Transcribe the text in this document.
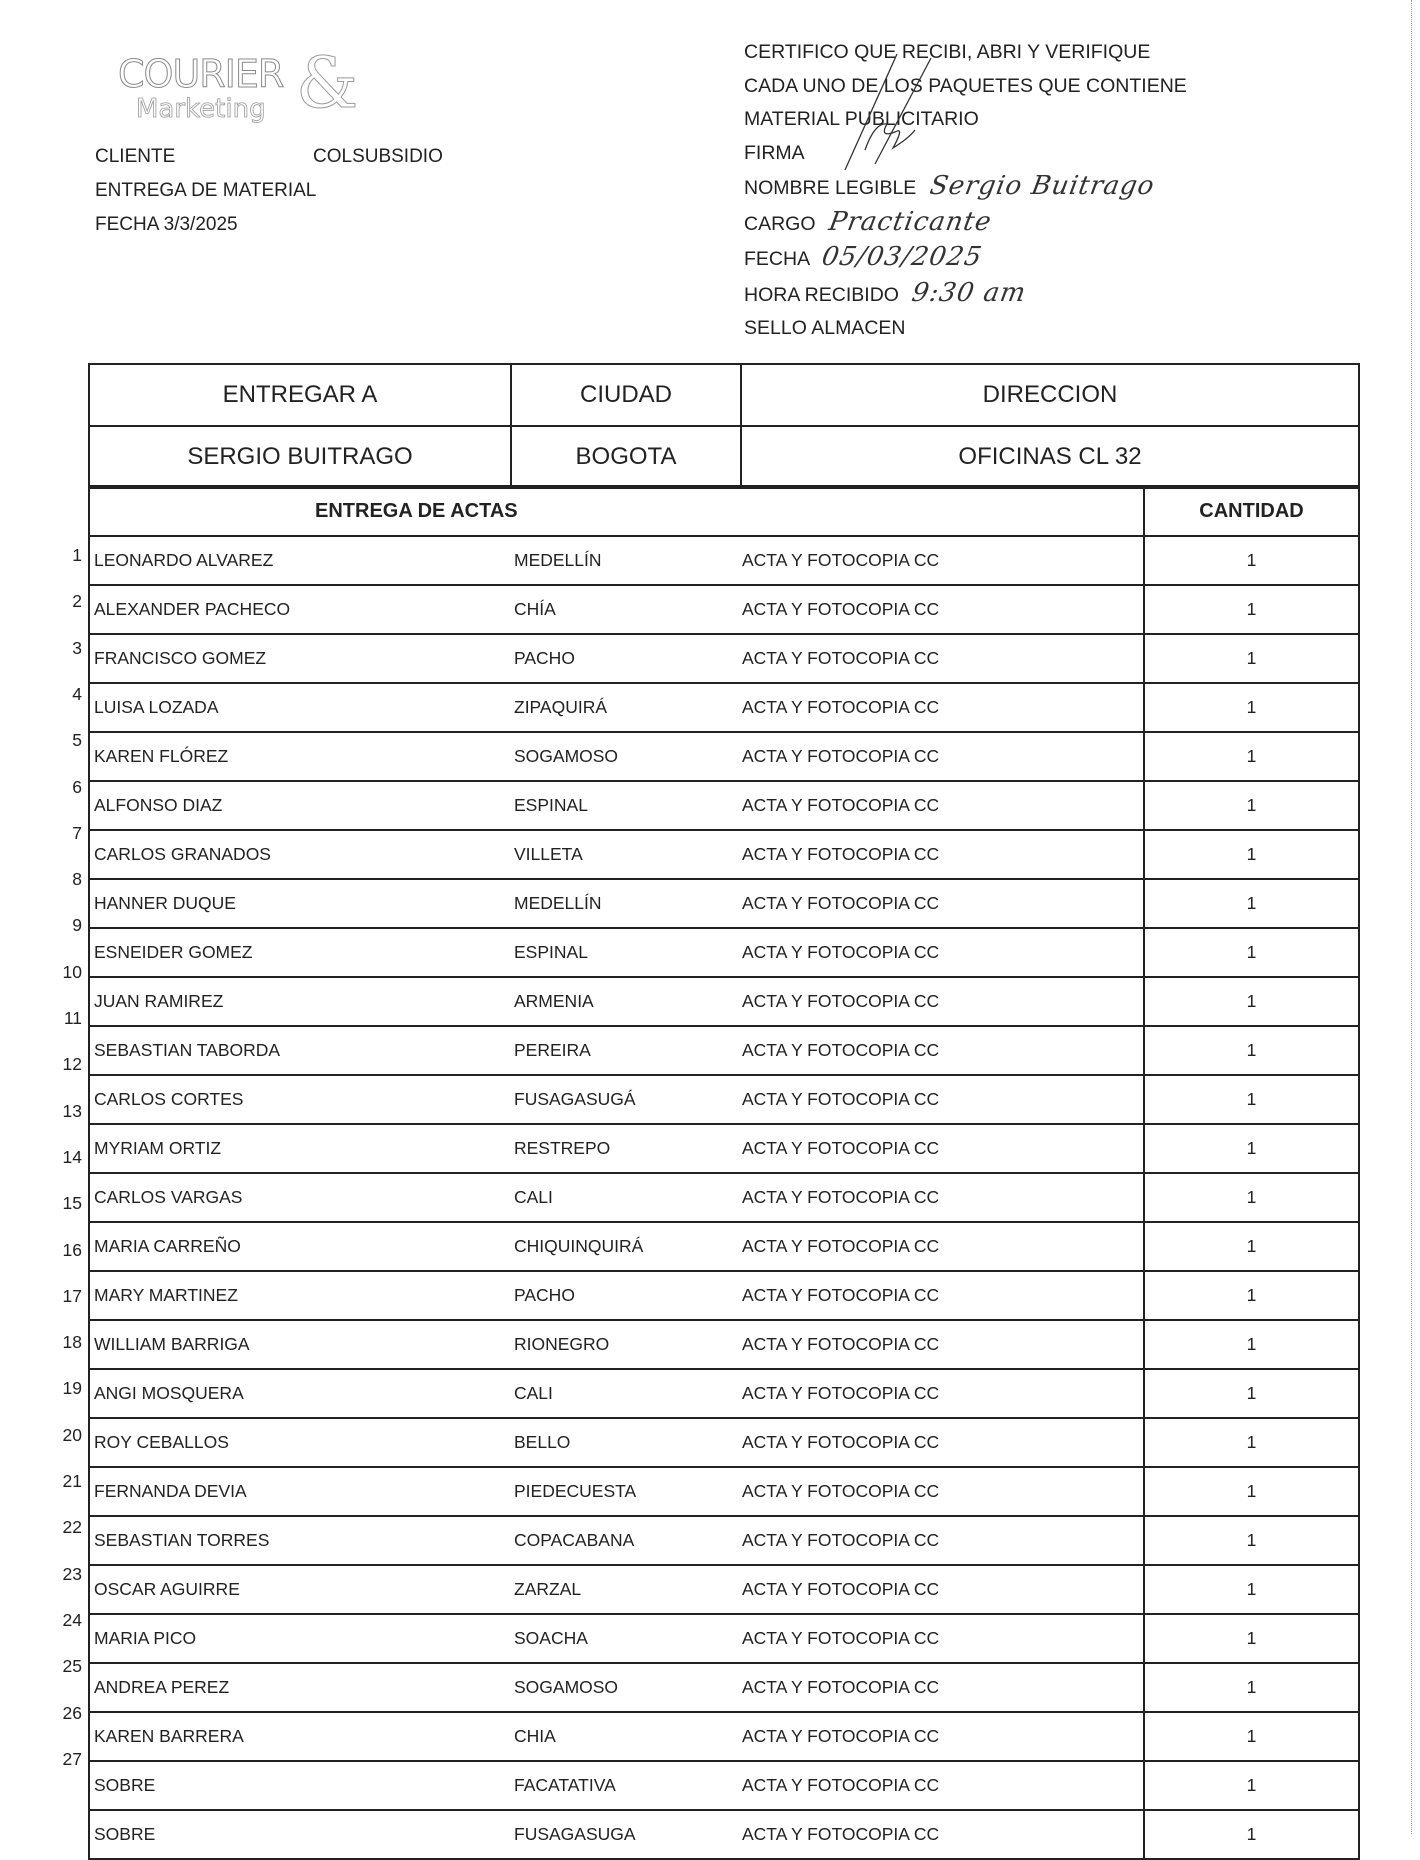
COURIER
Marketing &
CLIENTE	COLSUBSIDIO
ENTREGA DE MATERIAL
FECHA 3/3/2025
CERTIFICO QUE RECIBI, ABRI Y VERIFIQUE
CADA UNO DE LOS PAQUETES QUE CONTIENE
MATERIAL PUBLICITARIO
FIRMA
NOMBRE LEGIBLE Sergio Buitrago
CARGO Practicante
FECHA 05/03/2025
HORA RECIBIDO 9:30 am
SELLO ALMACEN
ENTREGAR A	CIUDAD	DIRECCION
SERGIO BUITRAGO	BOGOTA	OFICINAS CL 32
ENTREGA DE ACTAS			CANTIDAD
LEONARDO ALVAREZ	MEDELLÍN	ACTA Y FOTOCOPIA CC	1
ALEXANDER PACHECO	CHÍA	ACTA Y FOTOCOPIA CC	1
FRANCISCO GOMEZ	PACHO	ACTA Y FOTOCOPIA CC	1
LUISA LOZADA	ZIPAQUIRÁ	ACTA Y FOTOCOPIA CC	1
KAREN FLÓREZ	SOGAMOSO	ACTA Y FOTOCOPIA CC	1
ALFONSO DIAZ	ESPINAL	ACTA Y FOTOCOPIA CC	1
CARLOS GRANADOS	VILLETA	ACTA Y FOTOCOPIA CC	1
HANNER DUQUE	MEDELLÍN	ACTA Y FOTOCOPIA CC	1
ESNEIDER GOMEZ	ESPINAL	ACTA Y FOTOCOPIA CC	1
JUAN RAMIREZ	ARMENIA	ACTA Y FOTOCOPIA CC	1
SEBASTIAN TABORDA	PEREIRA	ACTA Y FOTOCOPIA CC	1
CARLOS CORTES	FUSAGASUGÁ	ACTA Y FOTOCOPIA CC	1
MYRIAM ORTIZ	RESTREPO	ACTA Y FOTOCOPIA CC	1
CARLOS VARGAS	CALI	ACTA Y FOTOCOPIA CC	1
MARIA CARREÑO	CHIQUINQUIRÁ	ACTA Y FOTOCOPIA CC	1
MARY MARTINEZ	PACHO	ACTA Y FOTOCOPIA CC	1
WILLIAM BARRIGA	RIONEGRO	ACTA Y FOTOCOPIA CC	1
ANGI MOSQUERA	CALI	ACTA Y FOTOCOPIA CC	1
ROY CEBALLOS	BELLO	ACTA Y FOTOCOPIA CC	1
FERNANDA DEVIA	PIEDECUESTA	ACTA Y FOTOCOPIA CC	1
SEBASTIAN TORRES	COPACABANA	ACTA Y FOTOCOPIA CC	1
OSCAR AGUIRRE	ZARZAL	ACTA Y FOTOCOPIA CC	1
MARIA PICO	SOACHA	ACTA Y FOTOCOPIA CC	1
ANDREA PEREZ	SOGAMOSO	ACTA Y FOTOCOPIA CC	1
KAREN BARRERA	CHIA	ACTA Y FOTOCOPIA CC	1
SOBRE	FACATATIVA	ACTA Y FOTOCOPIA CC	1
SOBRE	FUSAGASUGA	ACTA Y FOTOCOPIA CC	1
1
2
3
4
5
6
7
8
9
10
11
12
13
14
15
16
17
18
19
20
21
22
23
24
25
26
27
